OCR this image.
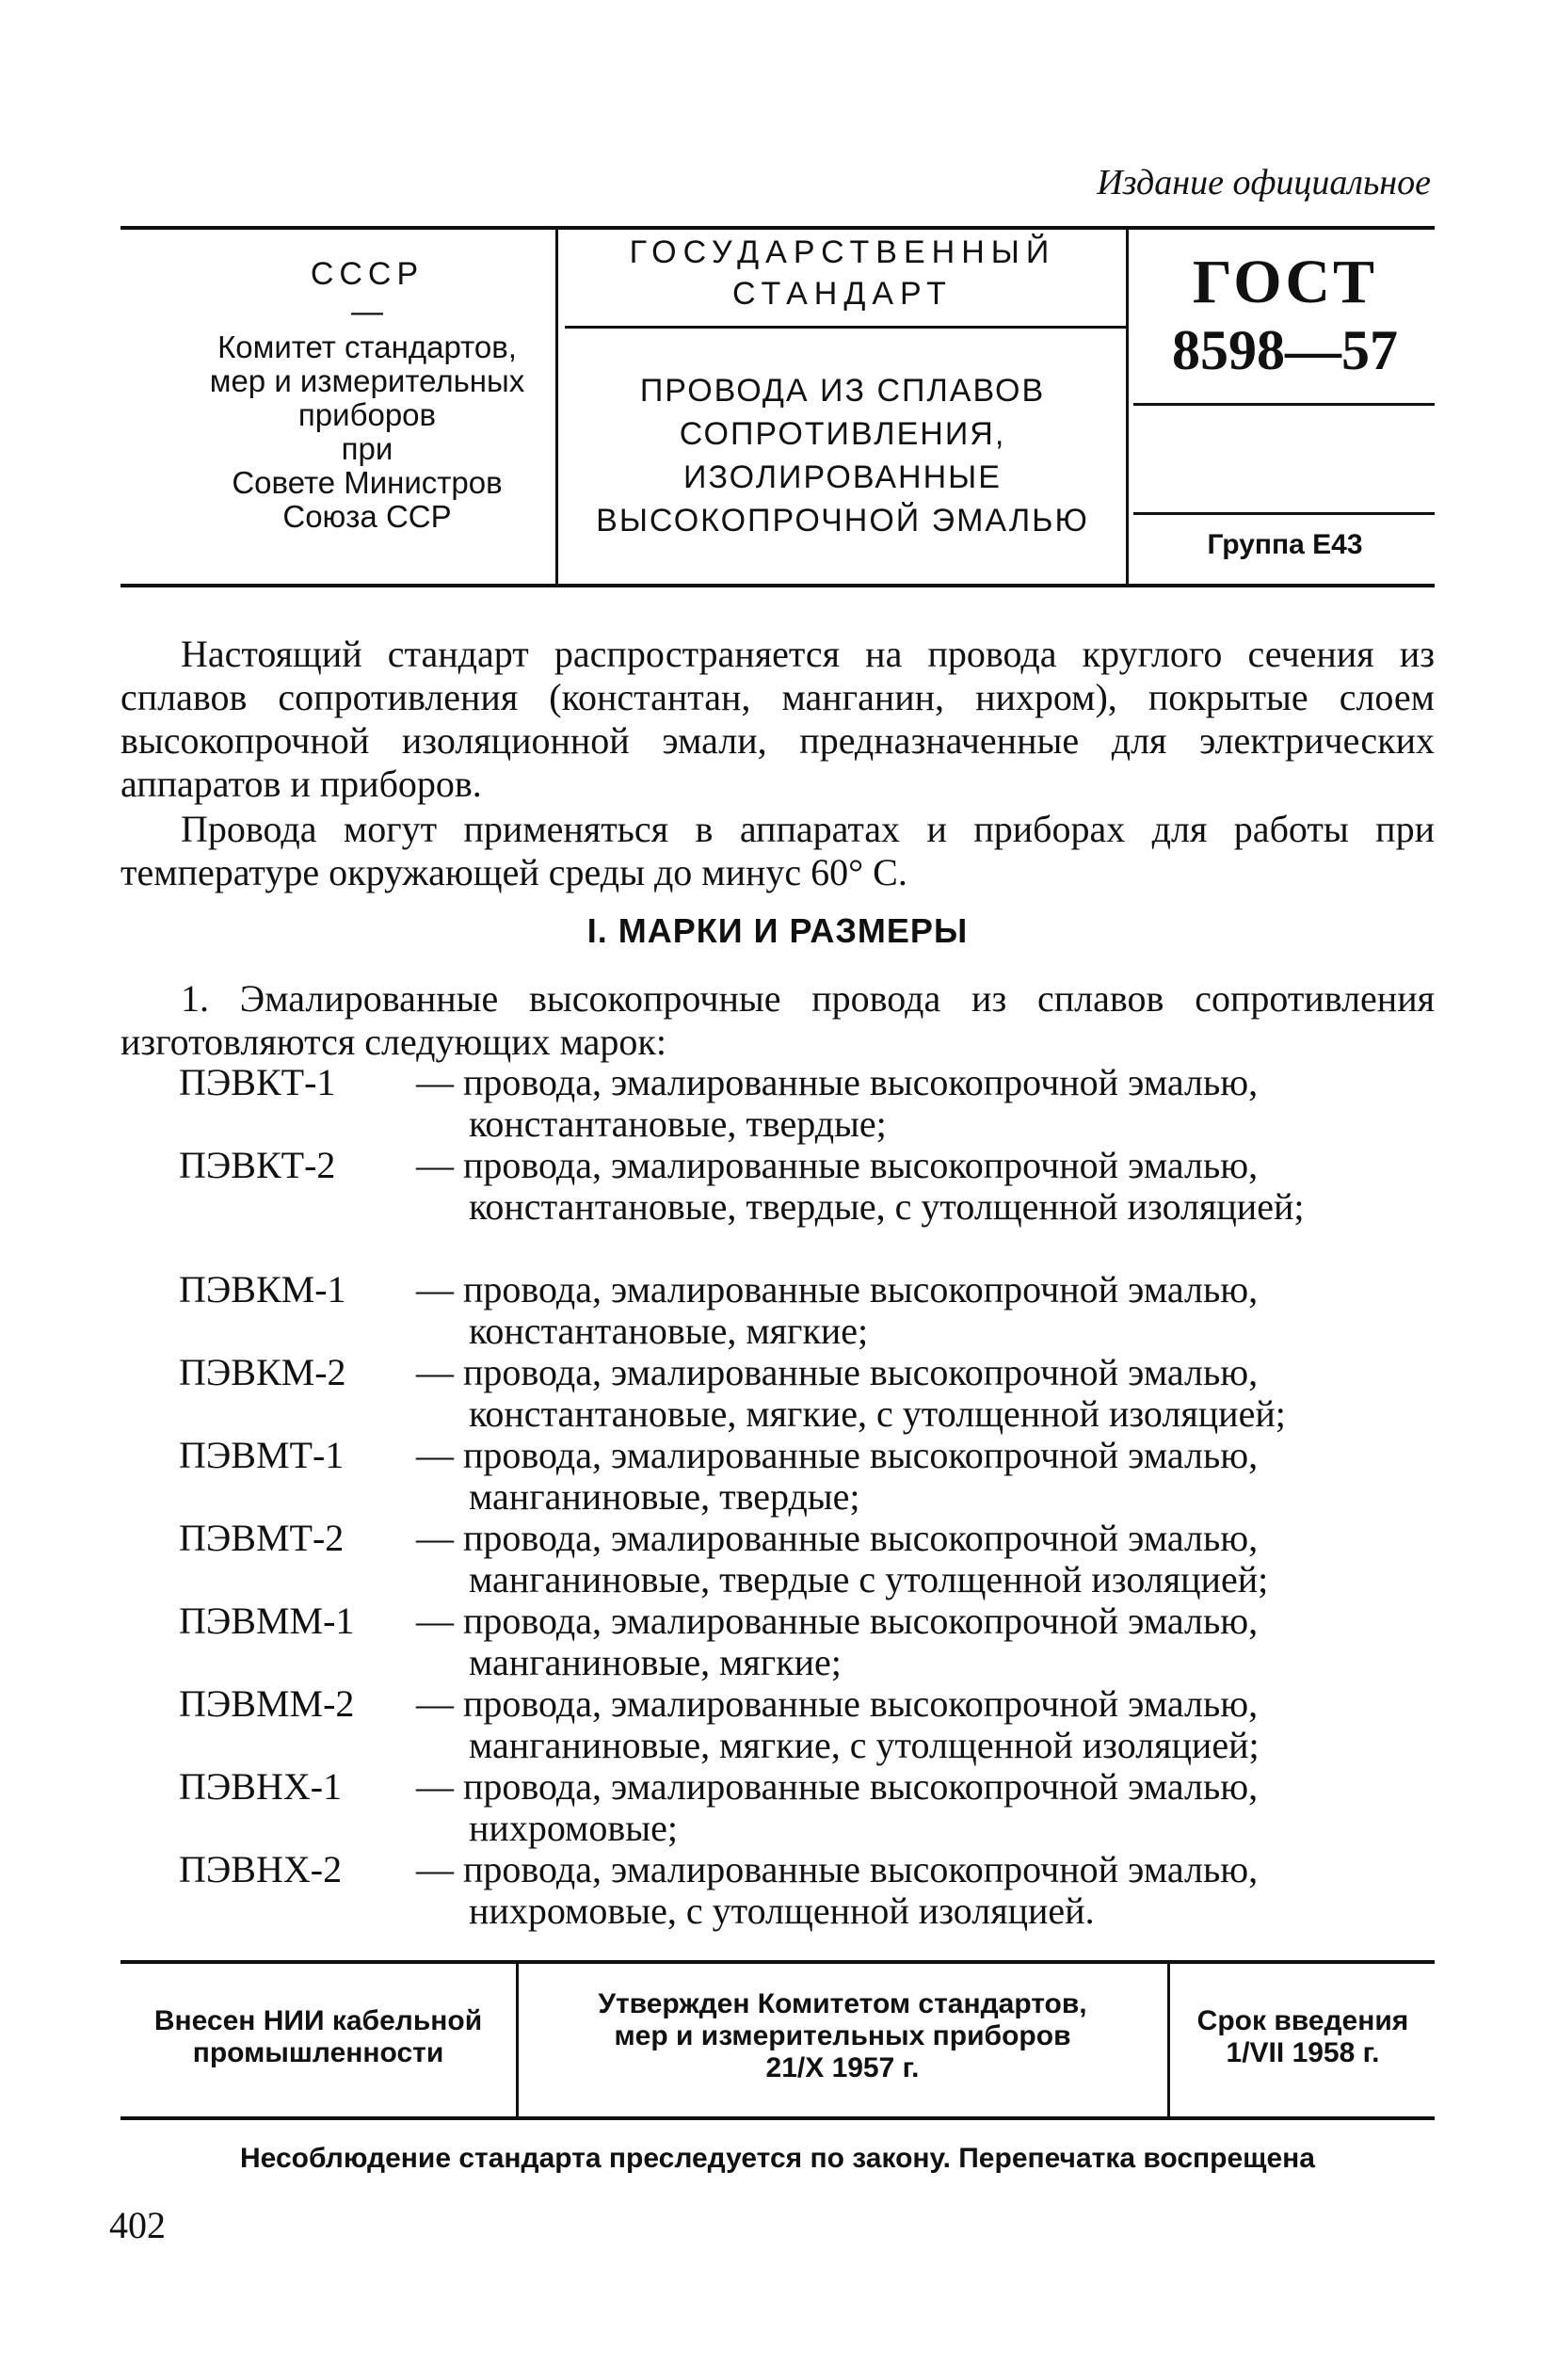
Издание официальное
СССР
—
Комитет стандартов,
мер и измерительных
приборов
при
Совете Министров
Союза ССР
ГОСУДАРСТВЕННЫЙ
СТАНДАРТ
ПРОВОДА ИЗ СПЛАВОВ
СОПРОТИВЛЕНИЯ,
ИЗОЛИРОВАННЫЕ
ВЫСОКОПРОЧНОЙ ЭМАЛЬЮ
ГОСТ
8598—57
Группа Е43
Настоящий стандарт распространяется на провода круглого сечения из сплавов сопротивления (константан, манганин, нихром), покрытые слоем высокопрочной изоляционной эмали, предназначенные для электрических аппаратов и приборов.
Провода могут применяться в аппаратах и приборах для работы при температуре окружающей среды до минус 60° С.
I. МАРКИ И РАЗМЕРЫ
1. Эмалированные высокопрочные провода из сплавов сопротивления изготовляются следующих марок:
ПЭВКТ-1 — провода, эмалированные высокопрочной эмалью,
константановые, твердые;
ПЭВКТ-2 — провода, эмалированные высокопрочной эмалью,
константановые, твердые, с утолщенной изоляцией;
ПЭВКМ-1 — провода, эмалированные высокопрочной эмалью,
константановые, мягкие;
ПЭВКМ-2 — провода, эмалированные высокопрочной эмалью,
константановые, мягкие, с утолщенной изоляцией;
ПЭВМТ-1 — провода, эмалированные высокопрочной эмалью,
манганиновые, твердые;
ПЭВМТ-2 — провода, эмалированные высокопрочной эмалью,
манганиновые, твердые с утолщенной изоляцией;
ПЭВММ-1 — провода, эмалированные высокопрочной эмалью,
манганиновые, мягкие;
ПЭВММ-2 — провода, эмалированные высокопрочной эмалью,
манганиновые, мягкие, с утолщенной изоляцией;
ПЭВНХ-1 — провода, эмалированные высокопрочной эмалью,
нихромовые;
ПЭВНХ-2 — провода, эмалированные высокопрочной эмалью,
нихромовые, с утолщенной изоляцией.
Внесен НИИ кабельной
промышленности
Утвержден Комитетом стандартов,
мер и измерительных приборов
21/X 1957 г.
Срок введения
1/VII 1958 г.
Несоблюдение стандарта преследуется по закону. Перепечатка воспрещена
402
